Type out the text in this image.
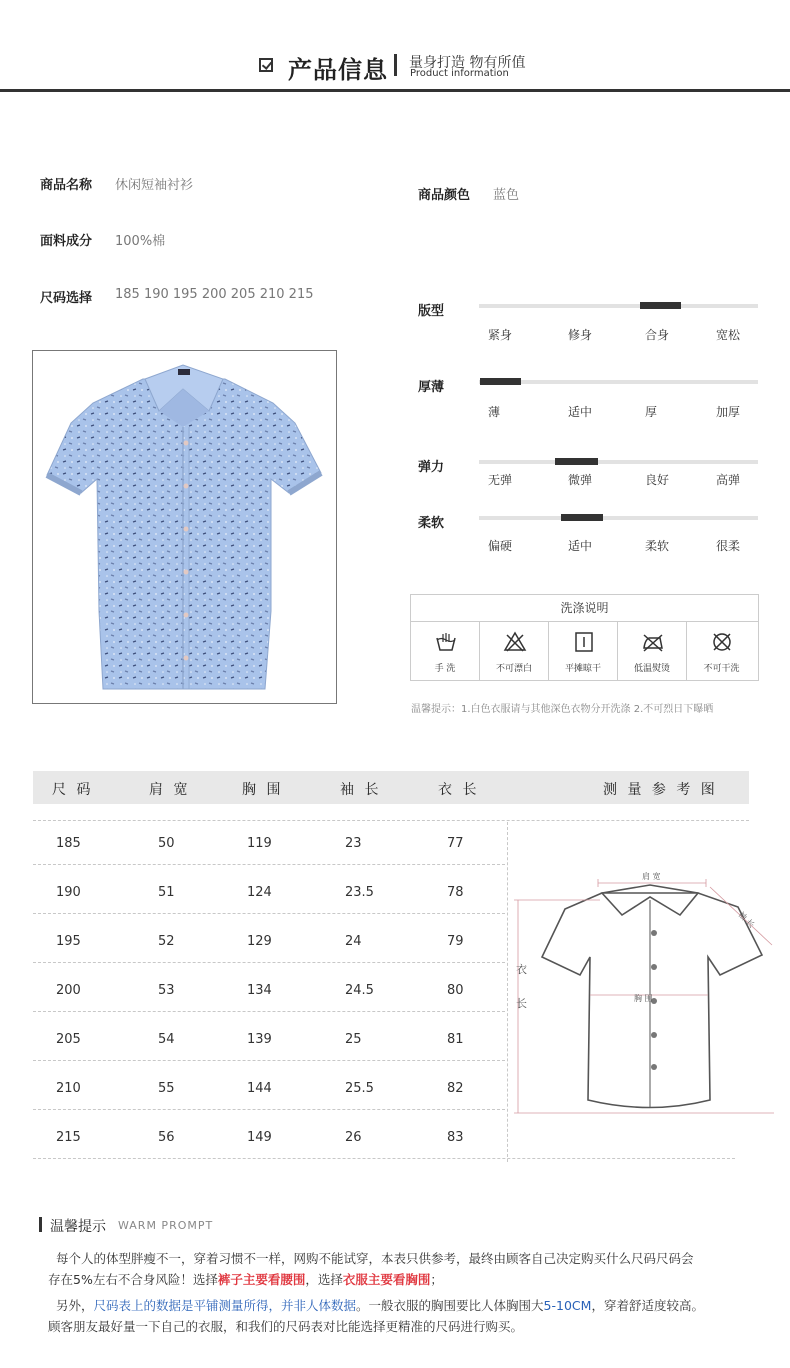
产品信息 量身打造 物有所值
Product information
商品名称 休闲短袖衬衫
面料成分 100%棉
尺码选择 185 190 195 200 205 210 215
商品颜色 蓝色
版型
紧身	修身	合身	宽松
厚薄
薄	适中	厚	加厚
弹力
无弹	微弹	良好	高弹
柔软
偏硬	适中	柔软	很柔
洗涤说明
手 洗	不可漂白	平摊晾干	低温熨烫	不可干洗
温馨提示：1.白色衣服请与其他深色衣物分开洗涤 2.不可烈日下曝晒
尺 码	肩 宽	胸 围	袖 长	衣 长	测 量 参 考 图
185	50	119	23	77
190	51	124	23.5	78
195	52	129	24	79
200	53	134	24.5	80
205	54	139	25	81
210	55	144	25.5	82
215	56	149	26	83
肩 宽
袖 长
衣
长	胸 围
温馨提示 WARM PROMPT
每个人的体型胖瘦不一，穿着习惯不一样，网购不能试穿，本表只供参考，最终由顾客自己决定购买什么尺码尺码会
存在5%左右不合身风险！选择裤子主要看腰围，选择衣服主要看胸围；
另外，尺码表上的数据是平铺测量所得，并非人体数据。一般衣服的胸围要比人体胸围大5-10CM，穿着舒适度较高。
顾客朋友最好量一下自己的衣服，和我们的尺码表对比能选择更精准的尺码进行购买。
